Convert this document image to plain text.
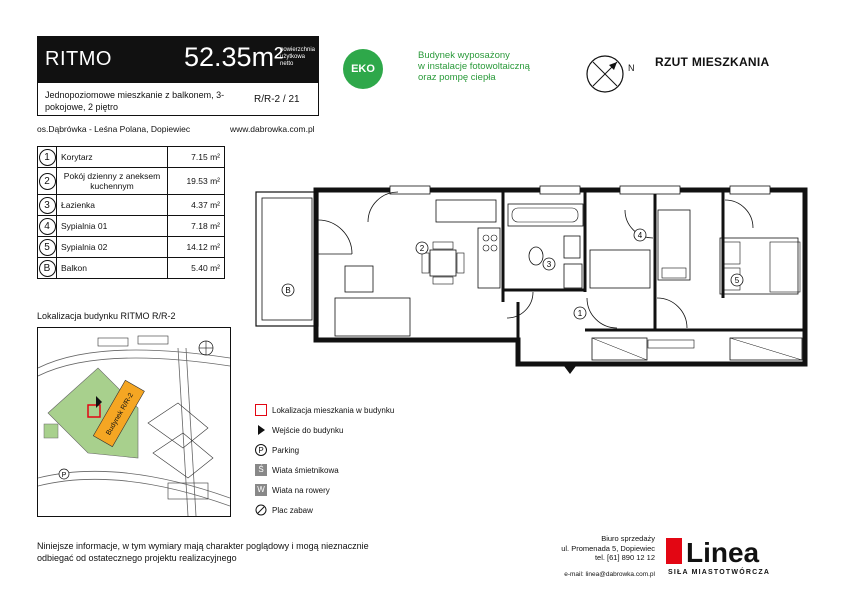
RITMO	52.35m²
powierzchnia użytkowa netto
Jednopoziomowe mieszkanie z balkonem, 3-pokojowe, 2 piętro
R/R-2 / 21
os.Dąbrówka - Leśna Polana, Dopiewiec	www.dabrowka.com.pl
EKO
Budynek wyposażony
w instalacje fotowoltaiczną
oraz pompę ciepła
N RZUT MIESZKANIA
1	Korytarz	7.15 m²
2	Pokój dzienny z aneksem kuchennym	19.53 m²
3	Łazienka	4.37 m²
4	Sypialnia 01	7.18 m²
5	Sypialnia 02	14.12 m²
B	Balkon	5.40 m²
B
2
3
4
5
1
Lokalizacja budynku RITMO R/R-2
Budynek R/R-2
P
Lokalizacja mieszkania w budynku
Wejście do budynku
P	Parking
Ś	Wiata śmietnikowa
W Wiata na rowery
Plac zabaw
Niniejsze informacje, w tym wymiary mają charakter poglądowy i mogą nieznacznie
odbiegać od ostatecznego projektu realizacyjnego
Biuro sprzedaży
ul. Promenada 5, Dopiewiec
tel. [61] 890 12 12
e-mail: linea@dabrowka.com.pl
Linea
SIŁA MIASTOTWÓRCZA
